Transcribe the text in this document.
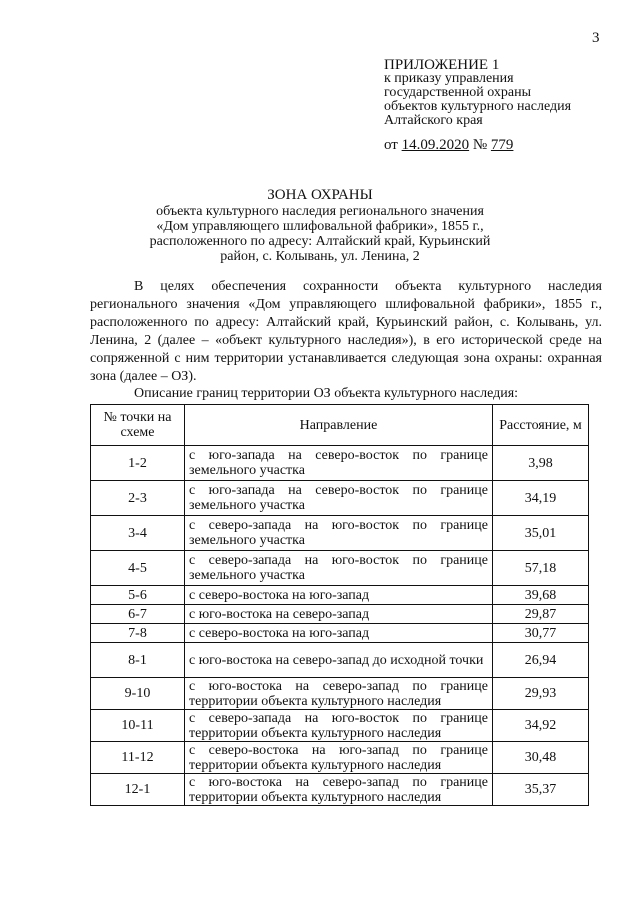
3
ПРИЛОЖЕНИЕ 1
к приказу управления
государственной охраны
объектов культурного наследия
Алтайского края
от 14.09.2020 № 779
ЗОНА ОХРАНЫ
объекта культурного наследия регионального значения
«Дом управляющего шлифовальной фабрики», 1855 г.,
расположенного по адресу: Алтайский край, Курьинский
район, с. Колывань, ул. Ленина, 2
В целях обеспечения сохранности объекта культурного наследия регионального значения «Дом управляющего шлифовальной фабрики», 1855 г., расположенного по адресу: Алтайский край, Курьинский район, с. Колывань, ул. Ленина, 2 (далее – «объект культурного наследия»), в его исторической среде на сопряженной с ним территории устанавливается следующая зона охраны: охранная зона (далее – ОЗ).
Описание границ территории ОЗ объекта культурного наследия:
№ точки на схеме	Направление	Расстояние, м
1-2	с юго-запада на северо-восток по границе земельного участка	3,98
2-3	с юго-запада на северо-восток по границе земельного участка	34,19
3-4	с северо-запада на юго-восток по границе земельного участка	35,01
4-5	с северо-запада на юго-восток по границе земельного участка	57,18
5-6	с северо-востока на юго-запад	39,68
6-7	с юго-востока на северо-запад	29,87
7-8	с северо-востока на юго-запад	30,77
8-1	с юго-востока на северо-запад до исходной точки	26,94
9-10	с юго-востока на северо-запад по границе территории объекта культурного наследия	29,93
10-11	с северо-запада на юго-восток по границе территории объекта культурного наследия	34,92
11-12	с северо-востока на юго-запад по границе территории объекта культурного наследия	30,48
12-1	с юго-востока на северо-запад по границе территории объекта культурного наследия	35,37
